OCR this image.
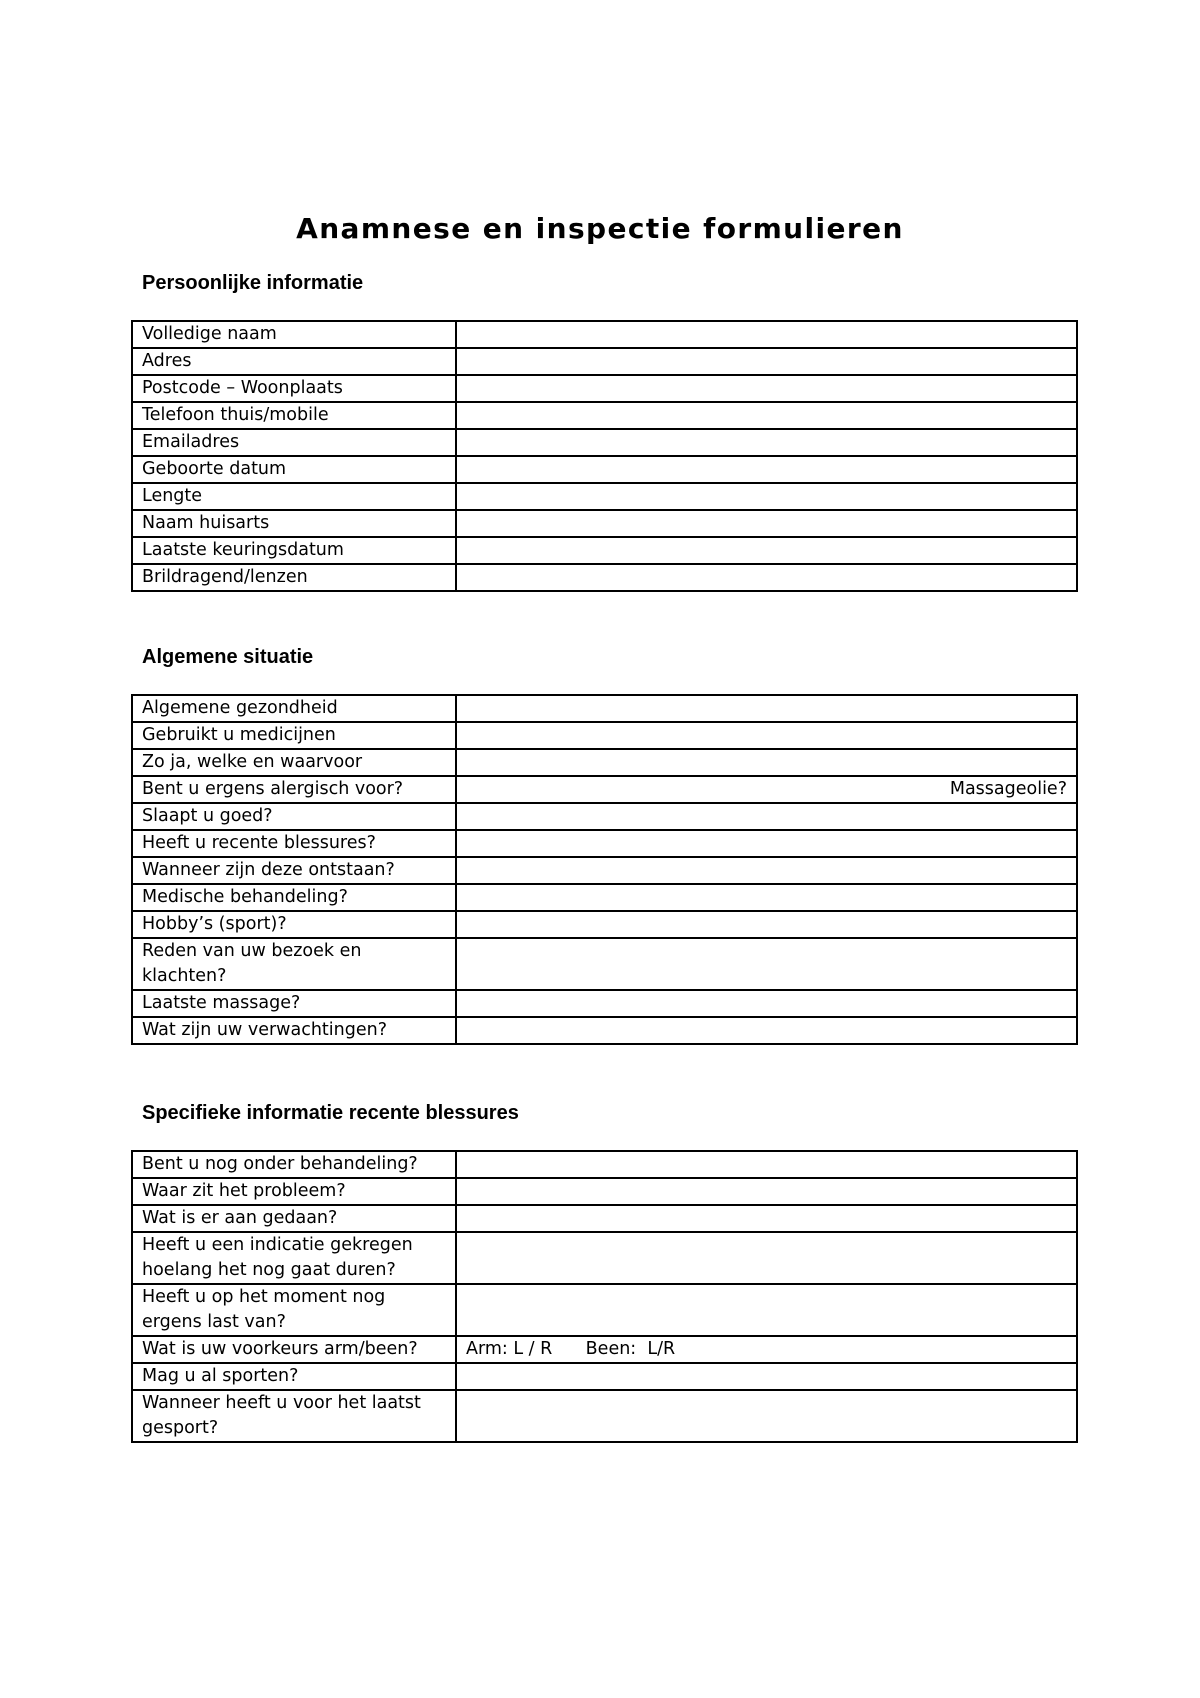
Anamnese en inspectie formulieren
Persoonlijke informatie
Volledige naam	
Adres	
Postcode – Woonplaats	
Telefoon thuis/mobile	
Emailadres	
Geboorte datum	
Lengte	
Naam huisarts	
Laatste keuringsdatum	
Brildragend/lenzen	
Algemene situatie
Algemene gezondheid	
Gebruikt u medicijnen	
Zo ja, welke en waarvoor	
Bent u ergens alergisch voor?	Massageolie?

Slaapt u goed?	
Heeft u recente blessures?	
Wanneer zijn deze ontstaan?	
Medische behandeling?	
Hobby’s (sport)?	
Reden van uw bezoek en klachten?	
Laatste massage?	
Wat zijn uw verwachtingen?	
Specifieke informatie recente blessures
Bent u nog onder behandeling?	
Waar zit het probleem?	
Wat is er aan gedaan?	
Heeft u een indicatie gekregen hoelang het nog gaat duren?	
Heeft u op het moment nog ergens last van?	
Wat is uw voorkeurs arm/been?	Arm: L / R      Been:  L/R
Mag u al sporten?	
Wanneer heeft u voor het laatst gesport?	
